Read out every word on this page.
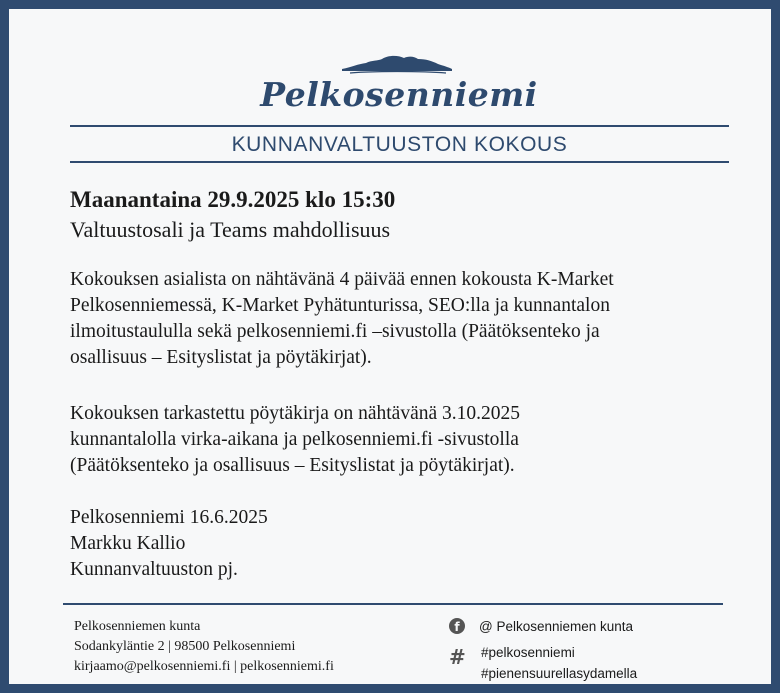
Pelkosenniemi
KUNNANVALTUUSTON KOKOUS
Maanantaina 29.9.2025 klo 15:30
Valtuustosali ja Teams mahdollisuus
Kokouksen asialista on nähtävänä 4 päivää ennen kokousta K-Market
Pelkosenniemessä, K-Market Pyhätunturissa, SEO:lla ja kunnantalon
ilmoitustaululla sekä pelkosenniemi.fi –sivustolla (Päätöksenteko ja
osallisuus – Esityslistat ja pöytäkirjat).
Kokouksen tarkastettu pöytäkirja on nähtävänä 3.10.2025
kunnantalolla virka-aikana ja pelkosenniemi.fi -sivustolla
(Päätöksenteko ja osallisuus – Esityslistat ja pöytäkirjat).
Pelkosenniemi 16.6.2025
Markku Kallio
Kunnanvaltuuston pj.
Pelkosenniemen kunta
Sodankyläntie 2 | 98500 Pelkosenniemi
kirjaamo@pelkosenniemi.fi | pelkosenniemi.fi
f	@ Pelkosenniemen kunta
# #pelkosenniemi
#pienensuurellasydamella
